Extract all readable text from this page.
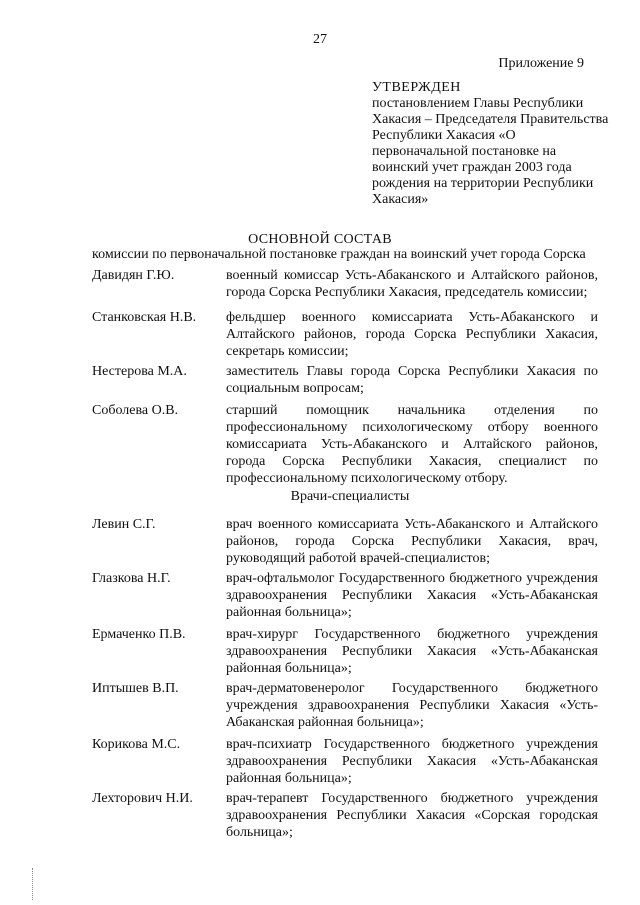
27
Приложение 9
УТВЕРЖДЕН
постановлением Главы Республики Хакасия – Председателя Правительства Республики Хакасия «О первоначальной постановке на воинский учет граждан 2003 года рождения на территории Республики Хакасия»
ОСНОВНОЙ СОСТАВ
комиссии по первоначальной постановке граждан на воинский учет города Сорска
Давидян Г.Ю.	военный комиссар Усть-Абаканского и Алтайского районов, города Сорска Республики Хакасия, председатель комиссии;
Станковская Н.В.	фельдшер военного комиссариата Усть-Абаканского и Алтайского районов, города Сорска Республики Хакасия, секретарь комиссии;
Нестерова М.А.	заместитель Главы города Сорска Республики Хакасия по социальным вопросам;
Соболева О.В.	старший помощник начальника отделения по профессиональному психологическому отбору военного комиссариата Усть-Абаканского и Алтайского районов, города Сорска Республики Хакасия, специалист по профессиональному психологическому отбору.
Врачи-специалисты
Левин С.Г.	врач военного комиссариата Усть-Абаканского и Алтайского районов, города Сорска Республики Хакасия, врач, руководящий работой врачей-специалистов;
Глазкова Н.Г.	врач-офтальмолог Государственного бюджетного учреждения здравоохранения Республики Хакасия «Усть-Абаканская районная больница»;
Ермаченко П.В.	врач-хирург Государственного бюджетного учреждения здравоохранения Республики Хакасия «Усть-Абаканская районная больница»;
Иптышев В.П.	врач-дерматовенеролог Государственного бюджетного учреждения здравоохранения Республики Хакасия «Усть-Абаканская районная больница»;
Корикова М.С.	врач-психиатр Государственного бюджетного учреждения здравоохранения Республики Хакасия «Усть-Абаканская районная больница»;
Лехторович Н.И.	врач-терапевт Государственного бюджетного учреждения здравоохранения Республики Хакасия «Сорская городская больница»;
